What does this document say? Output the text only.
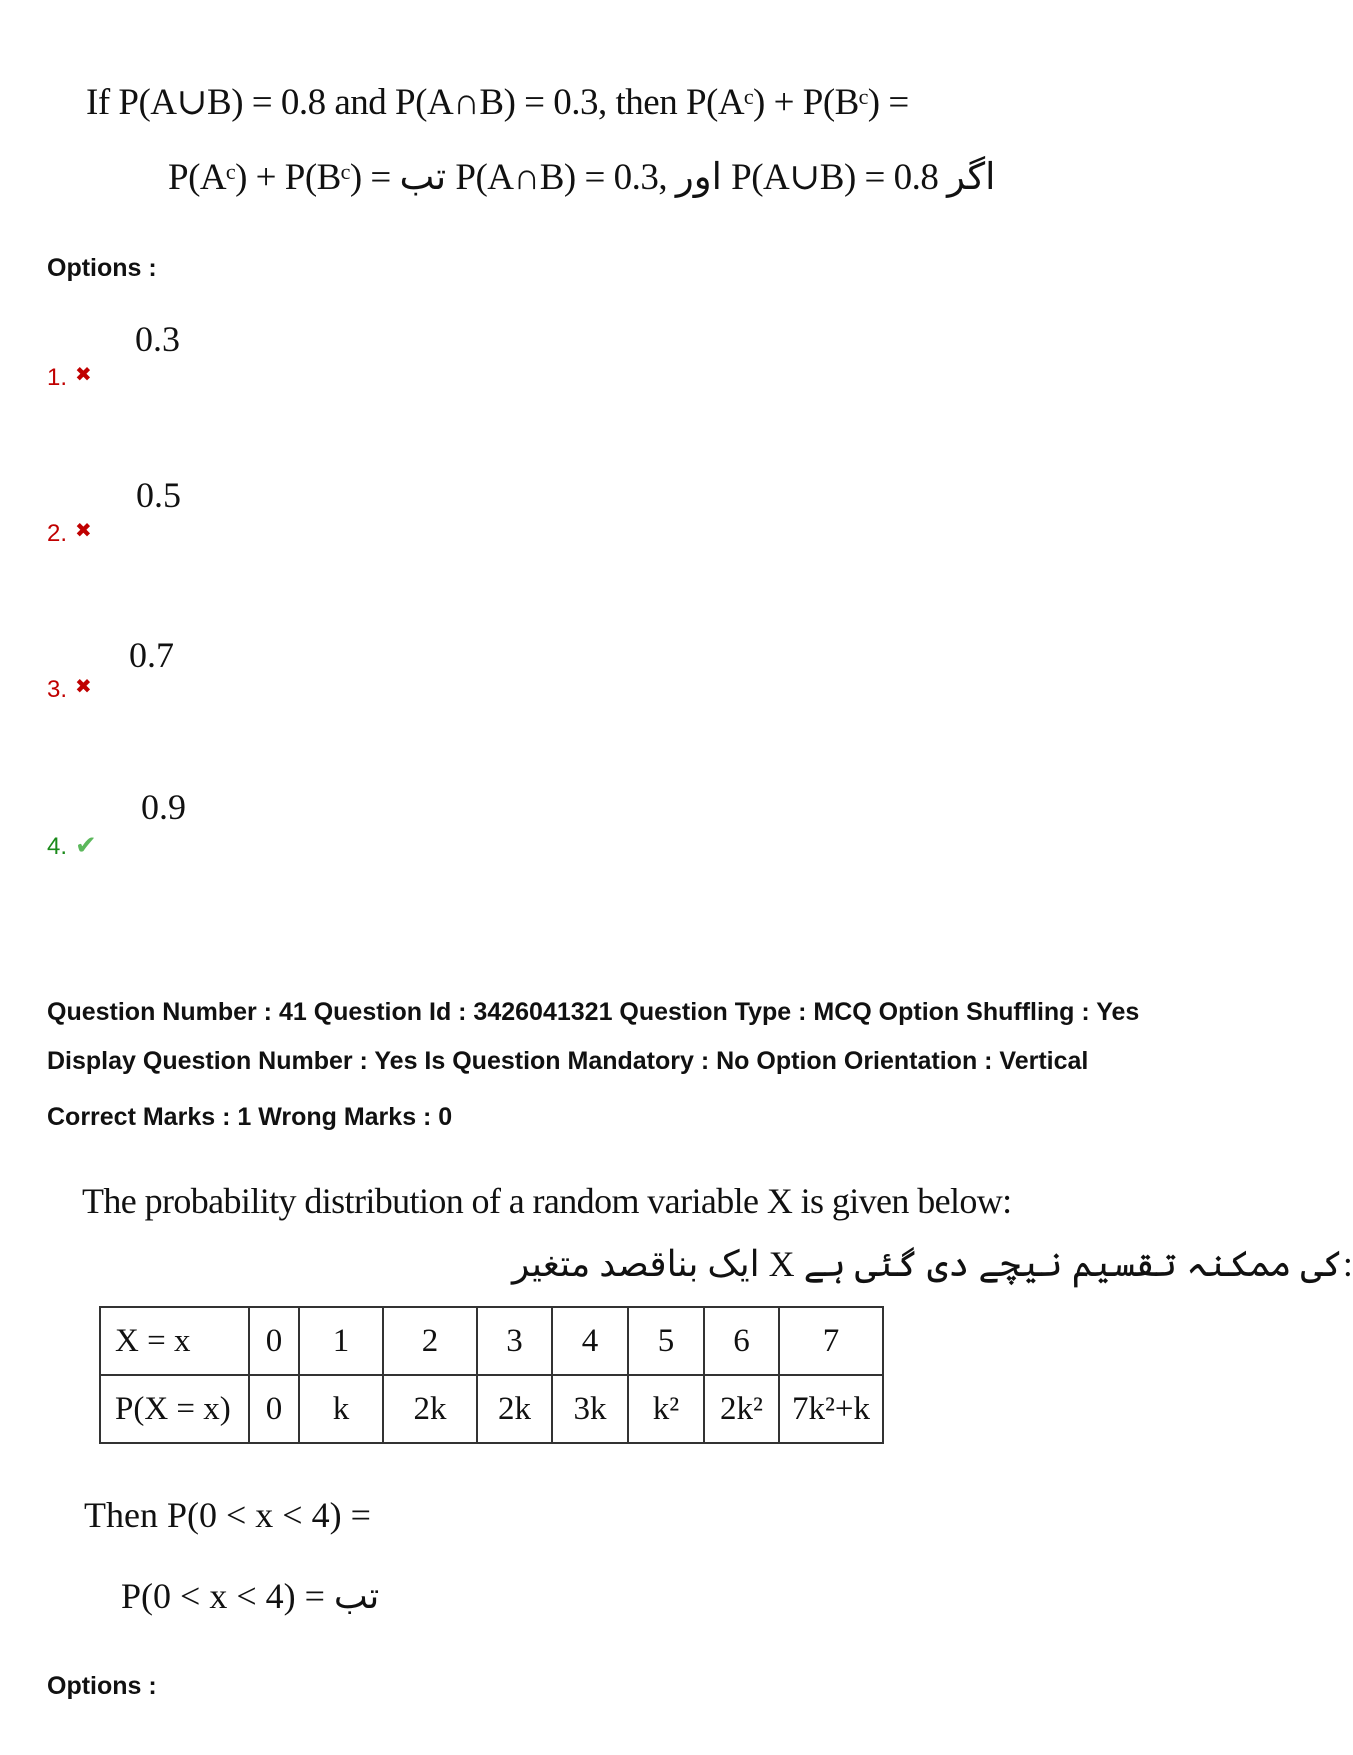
If P(A∪B) = 0.8 and P(A∩B) = 0.3, then P(Aᶜ) + P(Bᶜ) =
P(Aᶜ) + P(Bᶜ) = تب P(A∩B) = 0.3, اور P(A∪B) = 0.8 اگر
Options :
0.3
1. ✖
0.5
2. ✖
0.7
3. ✖
0.9
4. ✔
Question Number : 41 Question Id : 3426041321 Question Type : MCQ Option Shuffling : Yes
Display Question Number : Yes Is Question Mandatory : No Option Orientation : Vertical
Correct Marks : 1 Wrong Marks : 0
The probability distribution of a random variable X is given below:
ایک بناقصد متغیر X کی ممکنہ تقسیم نیچے دی گئی ہے:
X = x	0	1	2	3	4	5	6	7
P(X = x)	0	k	2k	2k	3k	k²	2k²	7k²+k
Then P(0 < x < 4) =
P(0 < x < 4) = تب
Options :
